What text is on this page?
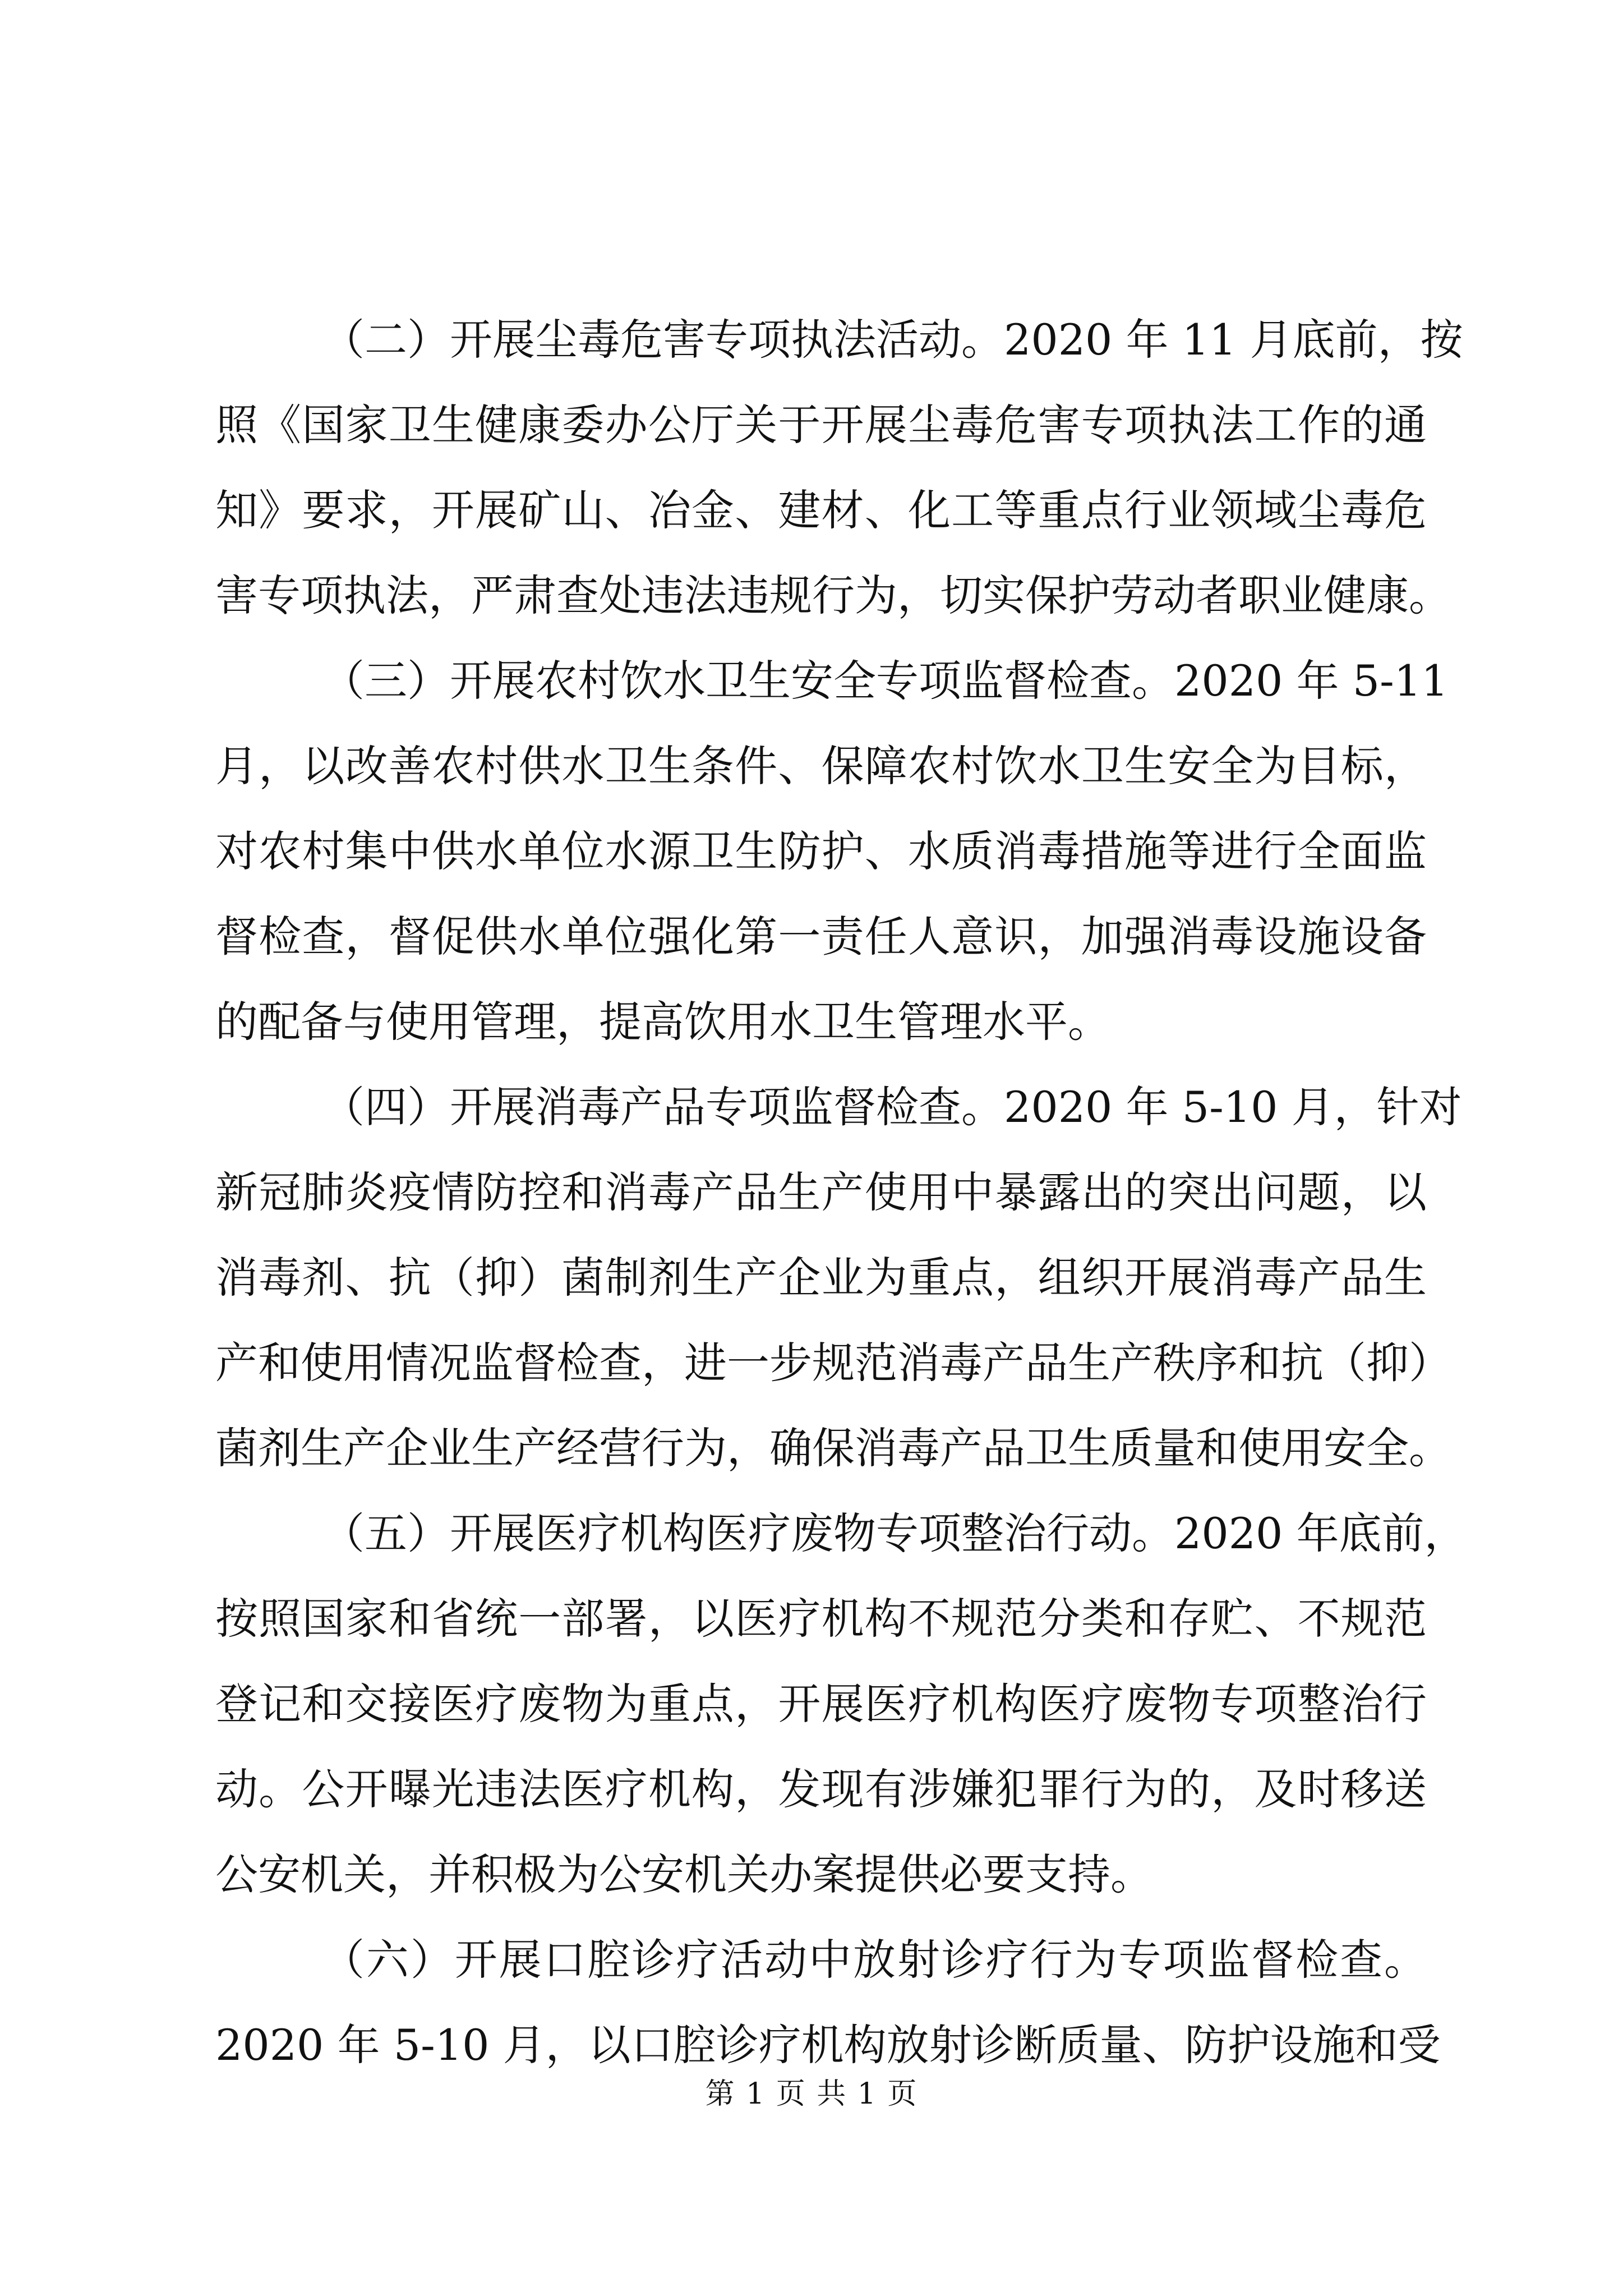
（二）开展尘毒危害专项执法活动。2020 年 11 月底前，按
照《国家卫生健康委办公厅关于开展尘毒危害专项执法工作的通
知》要求，开展矿山、冶金、建材、化工等重点行业领域尘毒危
害专项执法，严肃查处违法违规行为，切实保护劳动者职业健康。
（三）开展农村饮水卫生安全专项监督检查。2020 年 5-11
月，以改善农村供水卫生条件、保障农村饮水卫生安全为目标，
对农村集中供水单位水源卫生防护、水质消毒措施等进行全面监
督检查，督促供水单位强化第一责任人意识，加强消毒设施设备
的配备与使用管理，提高饮用水卫生管理水平。
（四）开展消毒产品专项监督检查。2020 年 5-10 月，针对
新冠肺炎疫情防控和消毒产品生产使用中暴露出的突出问题，以
消毒剂、抗（抑）菌制剂生产企业为重点，组织开展消毒产品生
产和使用情况监督检查，进一步规范消毒产品生产秩序和抗（抑）
菌剂生产企业生产经营行为，确保消毒产品卫生质量和使用安全。
（五）开展医疗机构医疗废物专项整治行动。2020 年底前，
按照国家和省统一部署，以医疗机构不规范分类和存贮、不规范
登记和交接医疗废物为重点，开展医疗机构医疗废物专项整治行
动。公开曝光违法医疗机构，发现有涉嫌犯罪行为的，及时移送
公安机关，并积极为公安机关办案提供必要支持。
（六）开展口腔诊疗活动中放射诊疗行为专项监督检查。
2020 年 5-10 月，以口腔诊疗机构放射诊断质量、防护设施和受
第 1 页 共 1 页
